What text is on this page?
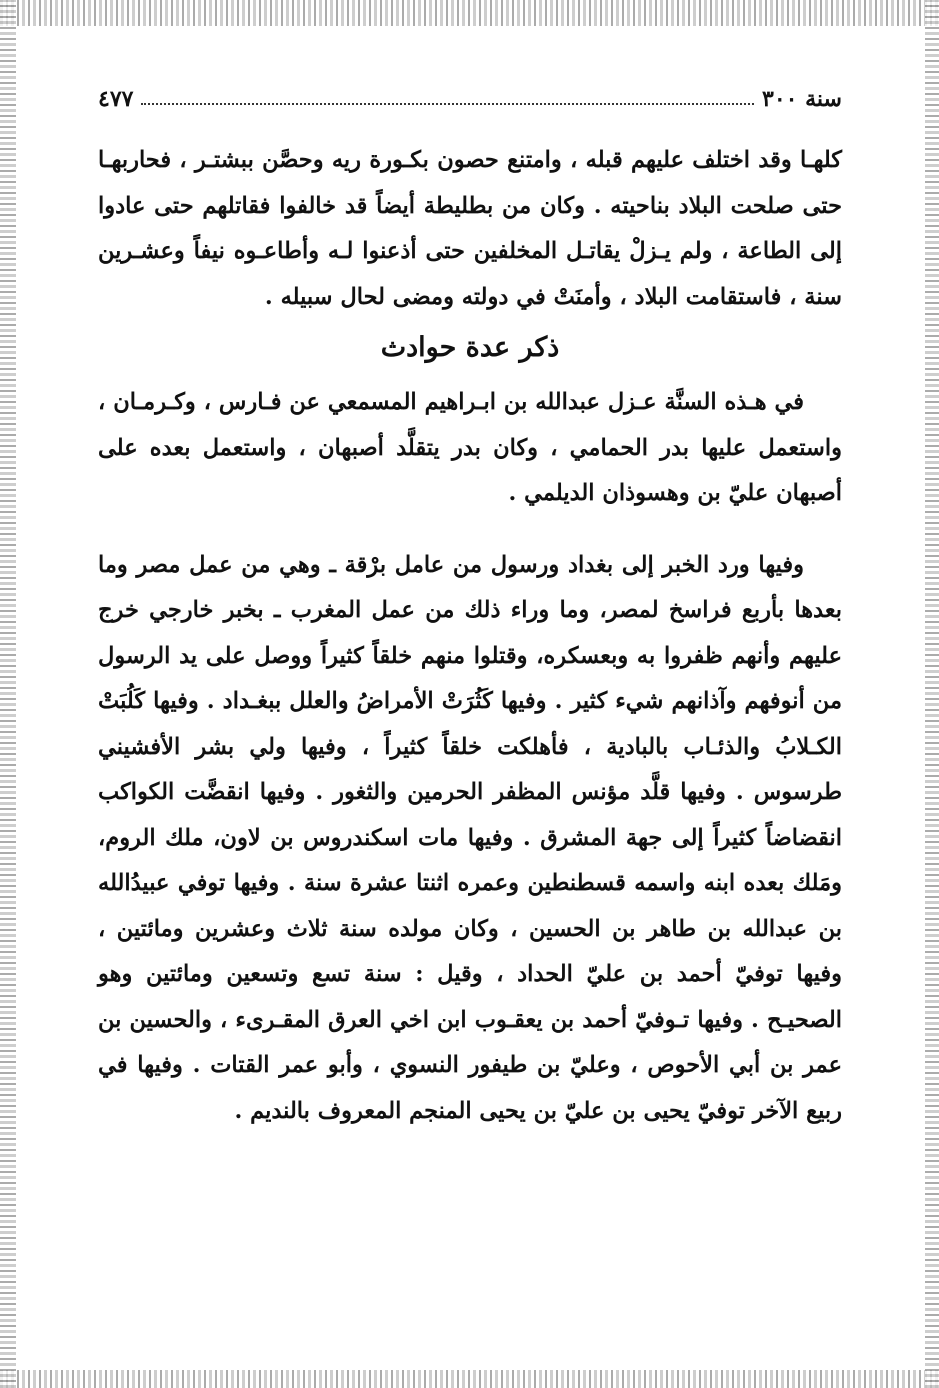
سنة ٣٠٠
٤٧٧

كلهـا وقد اختلف عليهم قبله ، وامتنع حصون بكـورة ريه وحصَّن ببشتـر ، فحاربهـا حتى صلحت البلاد بناحيته . وكان من بطليطة أيضاً قد خالفوا فقاتلهم حتى عادوا إلى الطاعة ، ولم يـزلْ يقاتـل المخلفين حتى أذعنوا لـه وأطاعـوه نيفاً وعشـرين سنة ، فاستقامت البلاد ، وأمنَتْ في دولته ومضى لحال سبيله .

ذكر عدة حوادث

في هـذه السنَّة عـزل عبدالله بن ابـراهيم المسمعي عن فـارس ، وكـرمـان ، واستعمل عليها بدر الحمامي ، وكان بدر يتقلَّد أصبهان ، واستعمل بعده على أصبهان عليّ بن وهسوذان الديلمي .

وفيها ورد الخبر إلى بغداد ورسول من عامل برْقة ـ وهي من عمل مصر وما بعدها بأربع فراسخ لمصر، وما وراء ذلك من عمل المغرب ـ بخبر خارجي خرج عليهم وأنهم ظفروا به وبعسكره، وقتلوا منهم خلقاً كثيراً ووصل على يد الرسول من أنوفهم وآذانهم شيء كثير . وفيها كَثُرَتْ الأمراضُ والعلل ببغـداد . وفيها كَلُبَتْ الكـلابُ والذئـاب بالبادية ، فأهلكت خلقاً كثيراً ، وفيها ولي بشر الأفشيني طرسوس . وفيها قلَّد مؤنس المظفر الحرمين والثغور . وفيها انقضَّت الكواكب انقضاضاً كثيراً إلى جهة المشرق . وفيها مات اسكندروس بن لاون، ملك الروم، ومَلك بعده ابنه واسمه قسطنطين وعمره اثنتا عشرة سنة . وفيها توفي عبيدُالله بن عبدالله بن طاهر بن الحسين ، وكان مولده سنة ثلاث وعشرين ومائتين ، وفيها توفيّ أحمد بن عليّ الحداد ، وقيل : سنة تسع وتسعين ومائتين وهو الصحيـح . وفيها تـوفيّ أحمد بن يعقـوب ابن اخي العرق المقـرىء ، والحسين بن عمر بن أبي الأحوص ، وعليّ بن طيفور النسوي ، وأبو عمر القتات . وفيها في ربيع الآخر توفيّ يحيى بن عليّ بن يحيى المنجم المعروف بالنديم .
